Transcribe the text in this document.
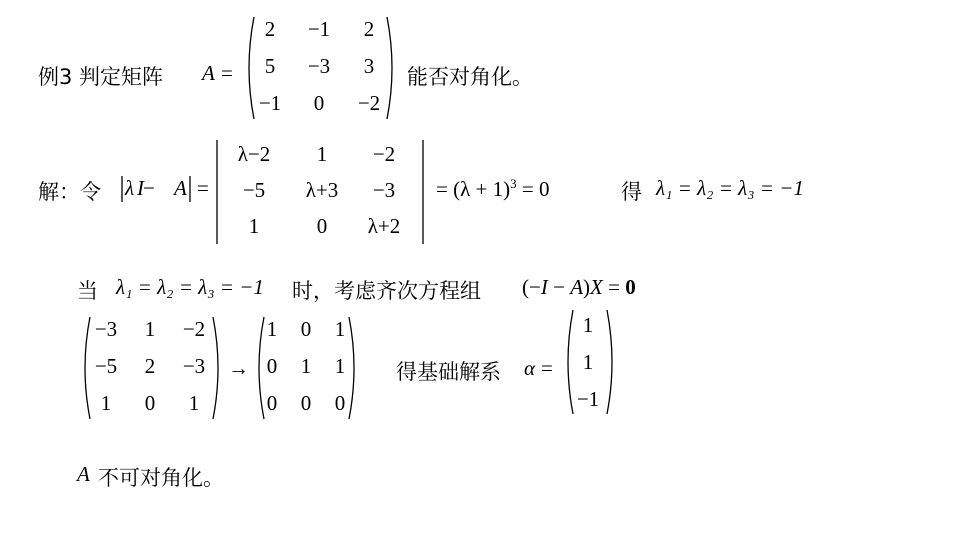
例3 判定矩阵 A =
2	−1	2
5	−3	3
−1	0	−2
能否对角化。
解：令 λ I − A =
λ−2	1	−2
−5	λ+3	−3
1	0	λ+2
= $(\lambda + 1)^3 = 0$	得 λ₁ = λ₂ = λ₃ = −1
当 λ₁ = λ₂ = λ₃ = −1 时，考虑齐次方程组 (−I − A)X = 0
−3	1	−2
−5	2	−3
1	0	1
→
1	0	1
0	1	1
0	0	0
得基础解系 α =
1
1
−1
A 不可对角化。
